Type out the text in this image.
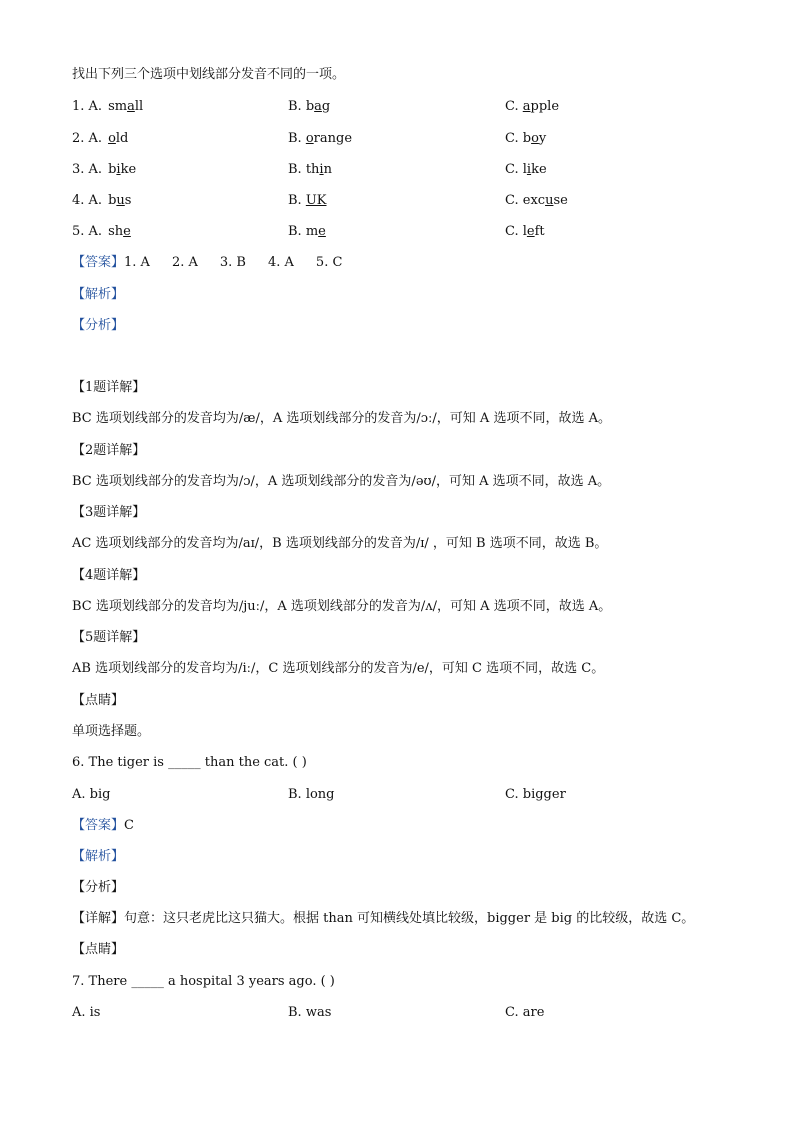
找出下列三个选项中划线部分发音不同的一项。
1. A. small	B. bag	C. apple
2. A. old	B. orange	C. boy
3. A. bike	B. thin	C. like
4. A. bus	B. UK	C. excuse
5. A. she	B. me	C. left
【答案】1. A 2. A 3. B 4. A 5. C
【解析】
【分析】
【1题详解】
BC 选项划线部分的发音均为/æ/，A 选项划线部分的发音为/ɔː/，可知 A 选项不同，故选 A。
【2题详解】
BC 选项划线部分的发音均为/ɔ/，A 选项划线部分的发音为/əʊ/，可知 A 选项不同，故选 A。
【3题详解】
AC 选项划线部分的发音均为/aɪ/，B 选项划线部分的发音为/ɪ/ ，可知 B 选项不同，故选 B。
【4题详解】
BC 选项划线部分的发音均为/juː/，A 选项划线部分的发音为/ʌ/，可知 A 选项不同，故选 A。
【5题详解】
AB 选项划线部分的发音均为/iː/，C 选项划线部分的发音为/e/，可知 C 选项不同，故选 C。
【点睛】
单项选择题。
6. The tiger is _____ than the cat. ( )
A. big	B. long	C. bigger
【答案】C
【解析】
【分析】
【详解】句意：这只老虎比这只猫大。根据 than 可知横线处填比较级，bigger 是 big 的比较级，故选 C。
【点睛】
7. There _____ a hospital 3 years ago. ( )
A. is	B. was	C. are
